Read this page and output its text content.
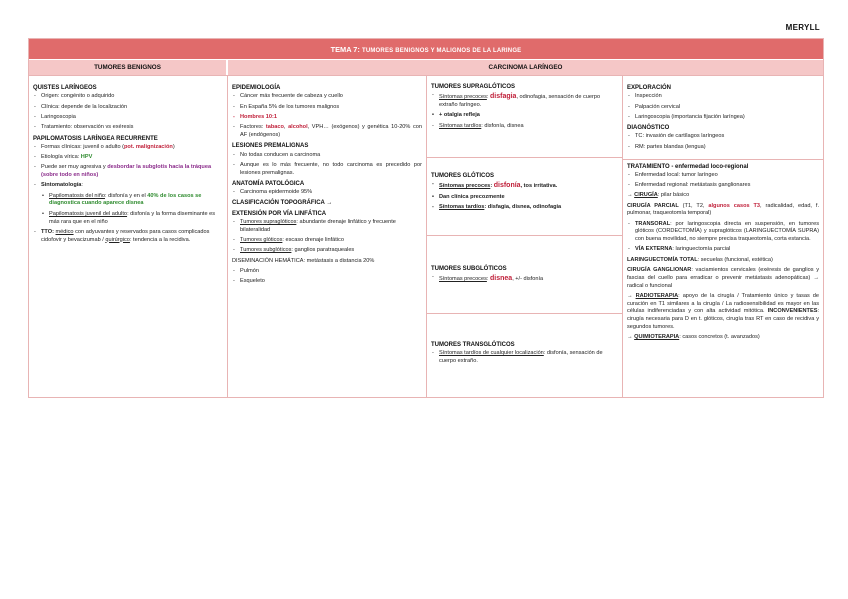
MERYLL
TEMA 7: TUMORES BENIGNOS Y MALIGNOS DE LA LARINGE
TUMORES BENIGNOS	CARCINOMA LARÍNGEO
QUISTES LARÍNGEOS
- Origen: congénito o adquirido
- Clínica: depende de la localización
- Laringoscopia
- Tratamiento: observación vs exéresis
PAPILOMATOSIS LARÍNGEA RECURRENTE
- Formas clínicas: juvenil o adulto (pot. malignización)
- Etiología vírica: HPV
- Puede ser muy agresiva y desbordar la subglotis hacia la tráquea (sobre todo en niños)
- Sintomatología:
• Papilomatosis del niño: disfonía y en el 40% de los casos se diagnostica cuando aparece disnea
• Papilomatosis juvenil del adulto: disfonía y la forma diseminante es más rara que en el niño
- TTO: médico con adyuvantes y reservados para casos complicados cidofovir y bevacizumab / quirúrgico: tendencia a la recidiva.
EPIDEMIOLOGÍA
- Cáncer más frecuente de cabeza y cuello
- En España 5% de los tumores malignos
- Hombres 10:1
- Factores: tabaco, alcohol, VPH… (exógenos) y genética 10-20% con AF (endógenos)
LESIONES PREMALIGNAS
- No todas conducen a carcinoma
- Aunque es lo más frecuente, no todo carcinoma es precedido por lesiones premalignas.
ANATOMÍA PATOLÓGICA
- Carcinoma epidermoide 95%
CLASIFICACIÓN TOPOGRÁFICA →
EXTENSIÓN POR VÍA LINFÁTICA
- Tumores supraglóticos: abundante drenaje linfático y frecuente bilateralidad
- Tumores glóticos: escaso drenaje linfático
- Tumores subglóticos: ganglios paratraqueales

DISEMINACIÓN HEMÁTICA: metástasis a distancia 20%

- Pulmón
- Esqueleto
TUMORES SUPRAGLÓTICOS
- Síntomas precoces: disfagia, odinofagia, sensación de cuerpo extraño faríngeo.
• + otalgia refleja
- Síntomas tardíos: disfonía, disnea
TUMORES GLÓTICOS
- Síntomas precoces: disfonía, tos irritativa.
• Dan clínica precozmente
- Síntomas tardíos: disfagia, disnea, odinofagia
TUMORES SUBGLÓTICOS
- Síntomas precoces: disnea, +/- disfonía
TUMORES TRANSGLÓTICOS
- Síntomas tardíos de cualquier localización: disfonía, sensación de cuerpo extraño.
EXPLORACIÓN
- Inspección
- Palpación cervical
- Laringoscopia (importancia fijación laríngea)
DIAGNÓSTICO
- TC: invasión de cartílagos laríngeos
- RM: partes blandas (lengua)
TRATAMIENTO - enfermedad loco-regional
- Enfermedad local: tumor laríngeo
- Enfermedad regional: metástasis ganglionares

→ CIRUGÍA: pilar básico

CIRUGÍA PARCIAL (T1, T2, algunos casos T3, radicalidad, edad, f. pulmonar, traqueotomía temporal)

- TRANSORAL: por laringoscopia directa en suspensión, en tumores glóticos (CORDECTOMÍA) y supraglóticos (LARINGUECTOMÍA SUPRA) con buena movilidad, no siempre precisa traqueotomía, corta estancia.
- VÍA EXTERNA: laringuectomía parcial

LARINGUECTOMÍA TOTAL: secuelas (funcional, estética)

CIRUGÍA GANGLIONAR: vaciamientos cervicales (exéresis de ganglios y fascias del cuello para erradicar o prevenir metástasis adenopáticas) → radical o funcional

→ RADIOTERAPIA: apoyo de la cirugía / Tratamiento único y tasas de curación en T1 similares a la cirugía / La radiosensibilidad es mayor en las células indiferenciadas y con alta actividad mitótica. INCONVENIENTES: cirugía necesaria para D en t. glóticos, cirugía tras RT en caso de recidiva y segundos tumores.

→ QUIMIOTERAPIA: casos concretos (t. avanzados)
